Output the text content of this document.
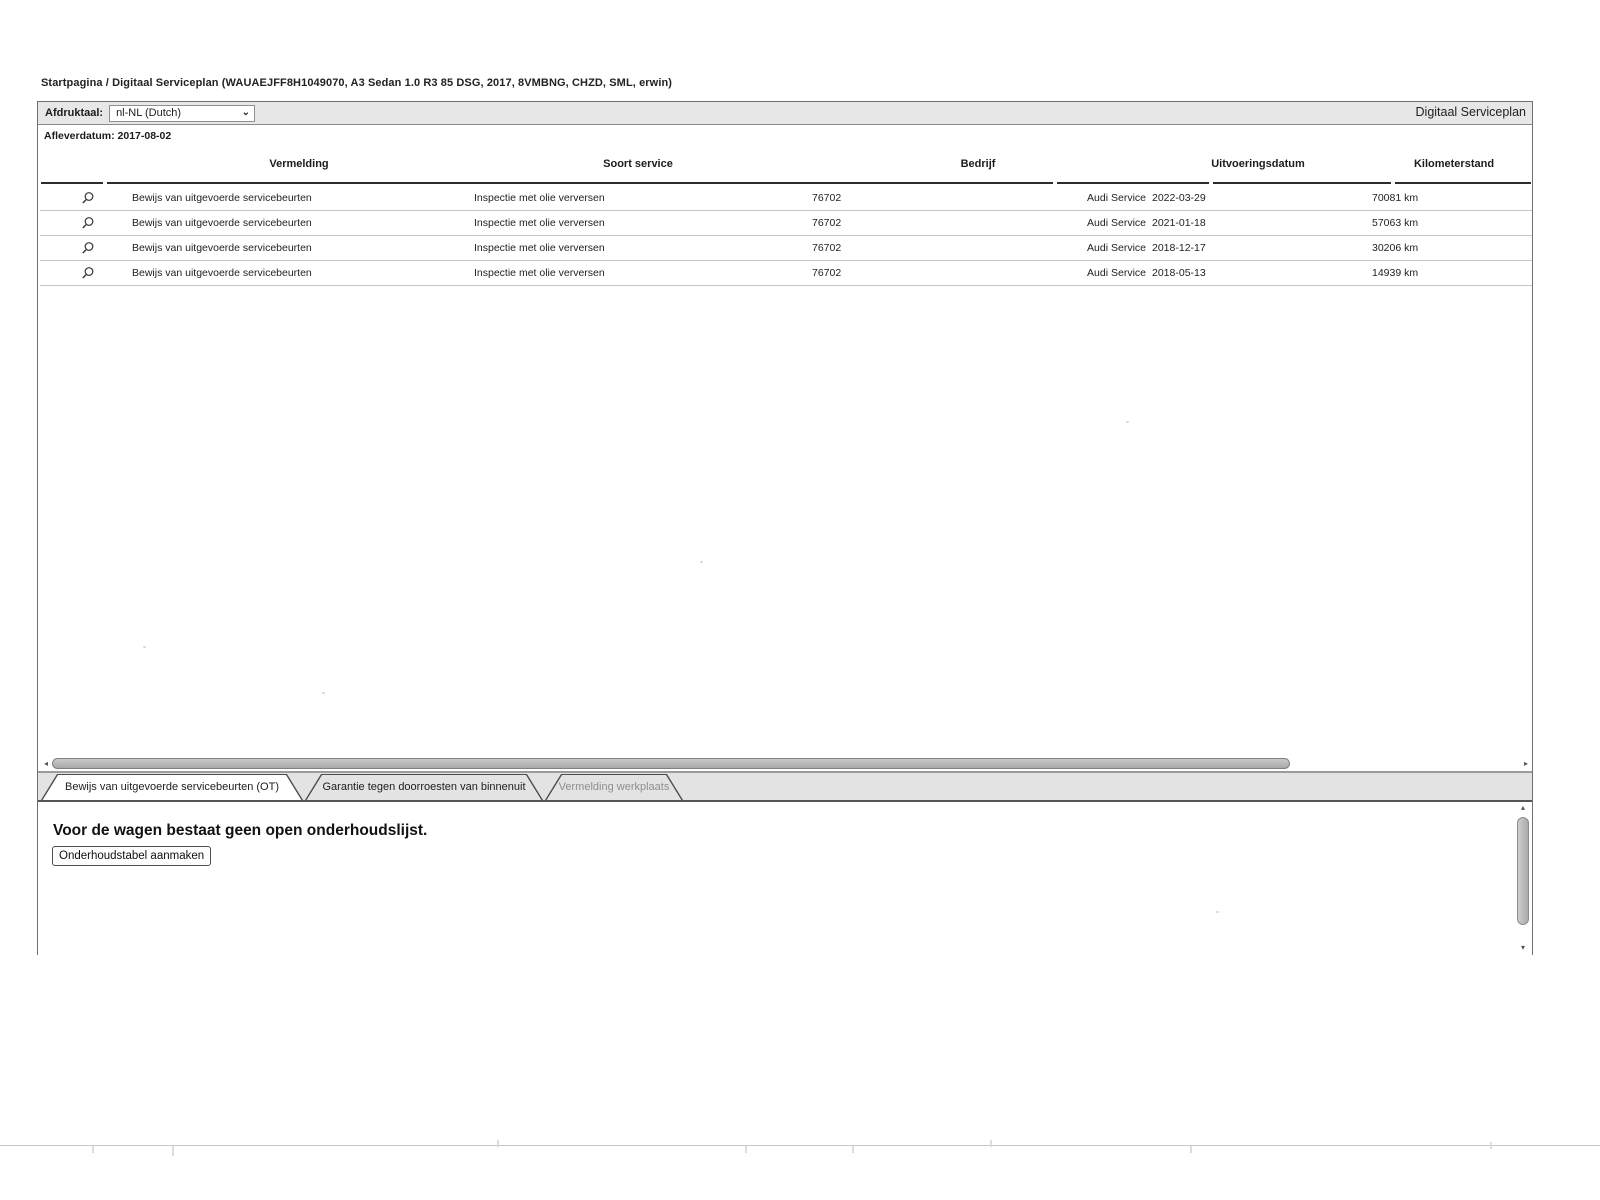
Startpagina / Digitaal Serviceplan (WAUAEJFF8H1049070, A3 Sedan 1.0 R3 85 DSG, 2017, 8VMBNG, CHZD, SML, erwin)
Afdruktaal: nl-NL (Dutch)	⌄	Digitaal Serviceplan
Afleverdatum: 2017-08-02
Vermelding	Soort service	Bedrijf	Uitvoeringsdatum	Kilometerstand
Bewijs van uitgevoerde servicebeurten	Inspectie met olie verversen	76702	Audi Service 2022-03-29	70081 km
Bewijs van uitgevoerde servicebeurten	Inspectie met olie verversen	76702	Audi Service 2021-01-18	57063 km
Bewijs van uitgevoerde servicebeurten	Inspectie met olie verversen	76702	Audi Service 2018-12-17	30206 km
Bewijs van uitgevoerde servicebeurten	Inspectie met olie verversen	76702	Audi Service 2018-05-13	14939 km
◂	▸
Bewijs van uitgevoerde servicebeurten (OT)	Garantie tegen doorroesten van binnenuit	Vermelding werkplaats
Voor de wagen bestaat geen open onderhoudslijst.
Onderhoudstabel aanmaken
▴
▾
